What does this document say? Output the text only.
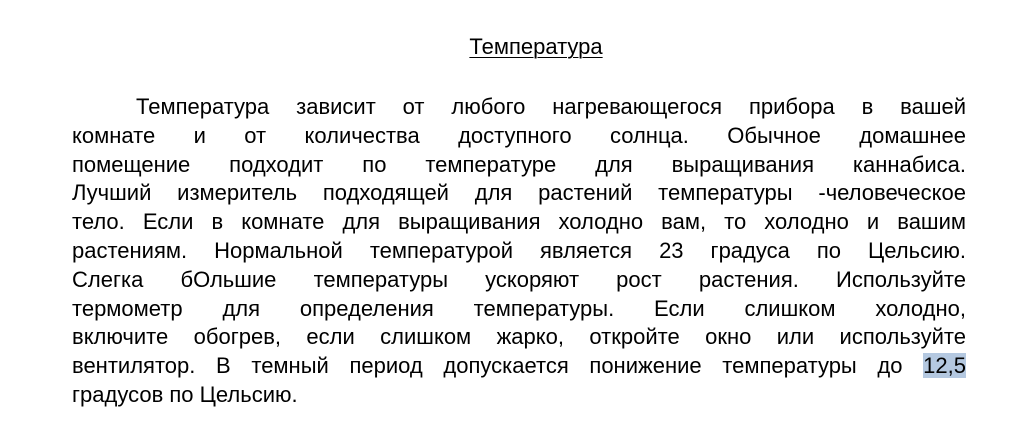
Температура
Температура зависит от любого нагревающегося прибора в вашей
комнате и от количества доступного солнца. Обычное домашнее
помещение подходит по температуре для выращивания каннабиса.
Лучший измеритель подходящей для растений температуры -человеческое
тело. Если в комнате для выращивания холодно вам, то холодно и вашим
растениям. Нормальной температурой является 23 градуса по Цельсию.
Слегка бОльшие температуры ускоряют рост растения. Используйте
термометр для определения температуры. Если слишком холодно,
включите обогрев, если слишком жарко, откройте окно или используйте
вентилятор. В темный период допускается понижение температуры до 12,5
градусов по Цельсию.
